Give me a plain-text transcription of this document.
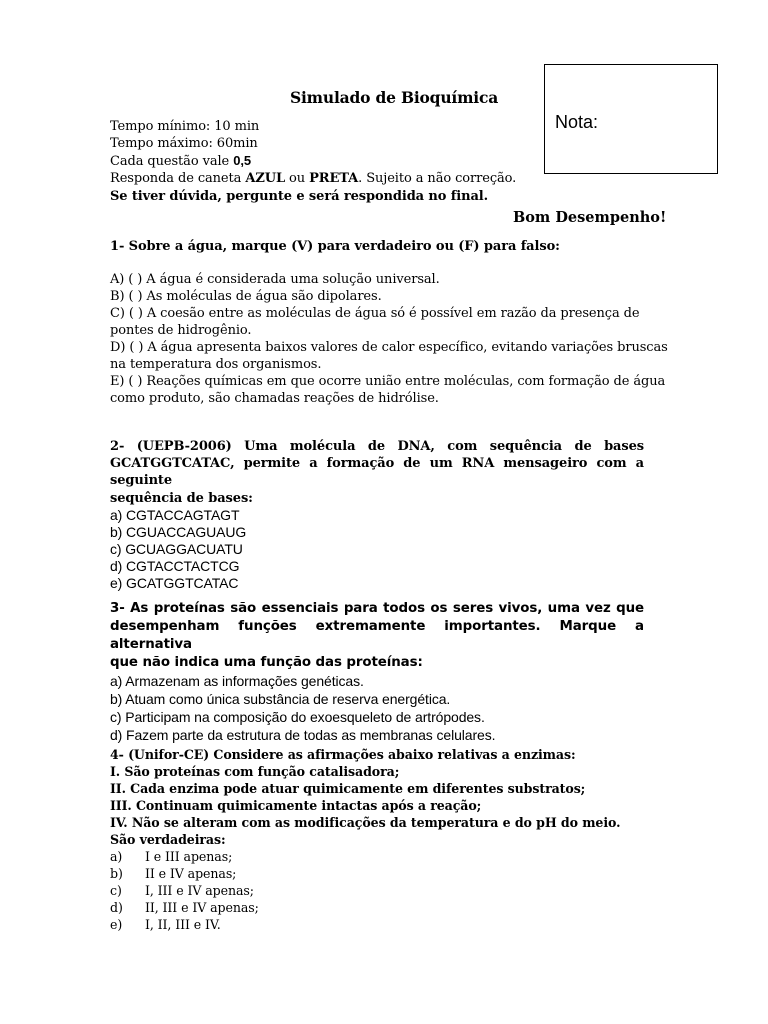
Simulado de Bioquímica
Nota:
Tempo mínimo: 10 min
Tempo máximo: 60min
Cada questão vale 0,5
Responda de caneta AZUL ou PRETA. Sujeito a não correção.
Se tiver dúvida, pergunte e será respondida no final.
Bom Desempenho!
1- Sobre a água, marque (V) para verdadeiro ou (F) para falso:
A) ( ) A água é considerada uma solução universal.
B) ( ) As moléculas de água são dipolares.
C) ( ) A coesão entre as moléculas de água só é possível em razão da presença de
pontes de hidrogênio.
D) ( ) A água apresenta baixos valores de calor específico, evitando variações bruscas
na temperatura dos organismos.
E) ( ) Reações químicas em que ocorre união entre moléculas, com formação de água
como produto, são chamadas reações de hidrólise.
2- (UEPB-2006) Uma molécula de DNA, com sequência de bases
GCATGGTCATAC, permite a formação de um RNA mensageiro com a seguinte
sequência de bases:
a) CGTACCAGTAGT
b) CGUACCAGUAUG
c) GCUAGGACUATU
d) CGTACCTACTCG
e) GCATGGTCATAC
3- As proteínas são essenciais para todos os seres vivos, uma vez que
desempenham funções extremamente importantes. Marque a alternativa
que não indica uma função das proteínas:
a) Armazenam as informações genéticas.
b) Atuam como única substância de reserva energética.
c) Participam na composição do exoesqueleto de artrópodes.
d) Fazem parte da estrutura de todas as membranas celulares.
4- (Unifor-CE) Considere as afirmações abaixo relativas a enzimas:
I. São proteínas com função catalisadora;
II. Cada enzima pode atuar quimicamente em diferentes substratos;
III. Continuam quimicamente intactas após a reação;
IV. Não se alteram com as modificações da temperatura e do pH do meio.
São verdadeiras:
a)	I e III apenas;
b)	II e IV apenas;
c)	I, III e IV apenas;
d)	II, III e IV apenas;
e)	I, II, III e IV.
